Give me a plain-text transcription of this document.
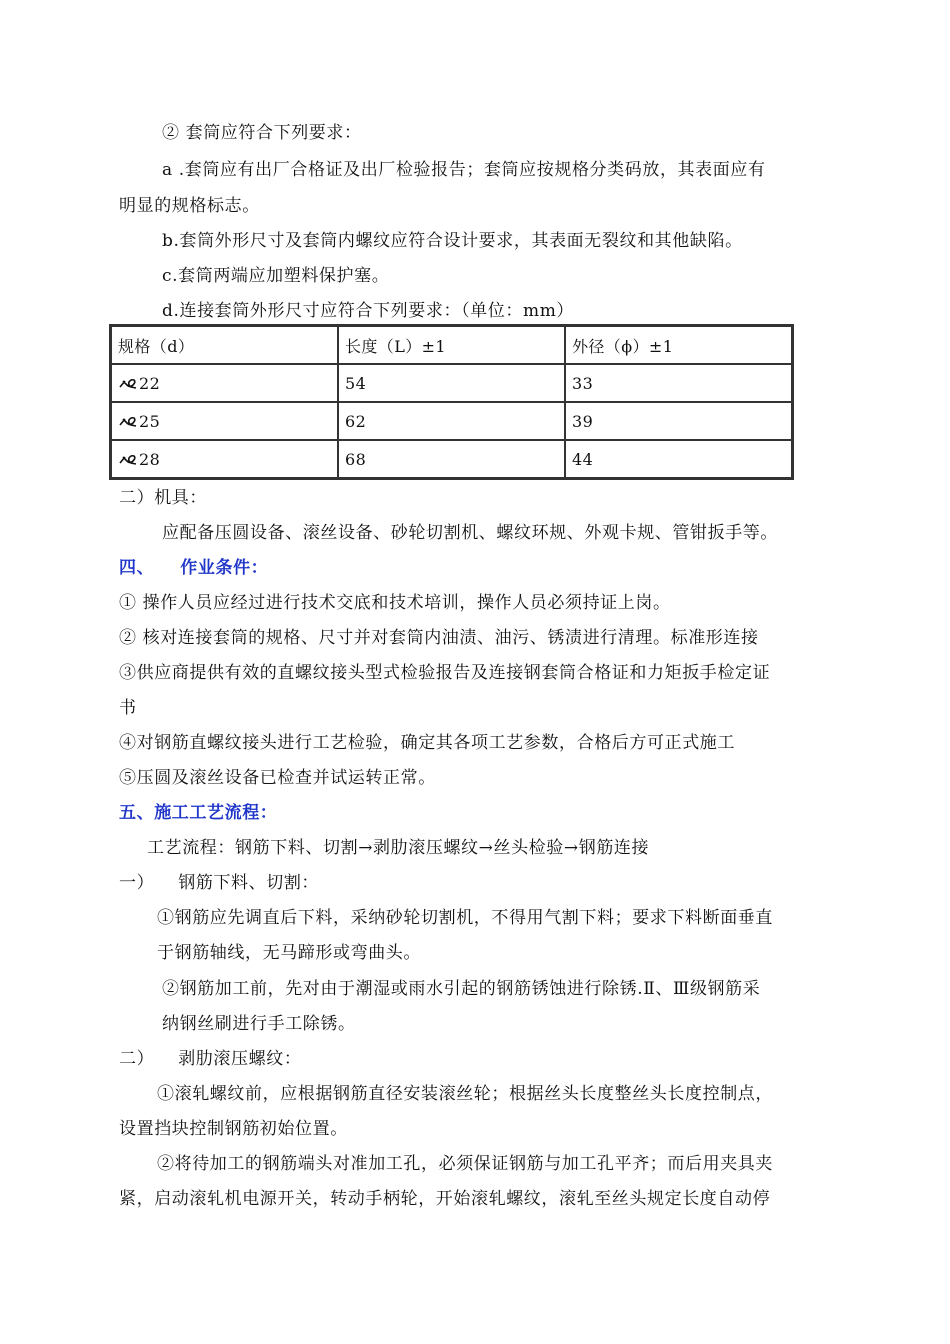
② 套筒应符合下列要求：
a .套筒应有出厂合格证及出厂检验报告；套筒应按规格分类码放，其表面应有
明显的规格标志。
b.套筒外形尺寸及套筒内螺纹应符合设计要求，其表面无裂纹和其他缺陷。
c.套筒两端应加塑料保护塞。
d.连接套筒外形尺寸应符合下列要求：（单位：mm）
规格（d）	长度（L）±1	外径（ϕ）±1
22	54	33
25	62	39
28	68	44
二）机具：
应配备压圆设备、滚丝设备、砂轮切割机、螺纹环规、外观卡规、管钳扳手等。
四、    作业条件：
① 操作人员应经过进行技术交底和技术培训，操作人员必须持证上岗。
② 核对连接套筒的规格、尺寸并对套筒内油渍、油污、锈渍进行清理。标准形连接
③供应商提供有效的直螺纹接头型式检验报告及连接钢套筒合格证和力矩扳手检定证
书
④对钢筋直螺纹接头进行工艺检验，确定其各项工艺参数，合格后方可正式施工
⑤压圆及滚丝设备已检查并试运转正常。
五、施工工艺流程：
工艺流程：钢筋下料、切割→剥肋滚压螺纹→丝头检验→钢筋连接
一）    钢筋下料、切割：
①钢筋应先调直后下料，采纳砂轮切割机，不得用气割下料；要求下料断面垂直
于钢筋轴线，无马蹄形或弯曲头。
②钢筋加工前，先对由于潮湿或雨水引起的钢筋锈蚀进行除锈.Ⅱ、Ⅲ级钢筋采
纳钢丝刷进行手工除锈。
二）    剥肋滚压螺纹：
①滚轧螺纹前，应根据钢筋直径安装滚丝轮；根据丝头长度整丝头长度控制点，
设置挡块控制钢筋初始位置。
②将待加工的钢筋端头对准加工孔，必须保证钢筋与加工孔平齐；而后用夹具夹
紧，启动滚轧机电源开关，转动手柄轮，开始滚轧螺纹，滚轧至丝头规定长度自动停
